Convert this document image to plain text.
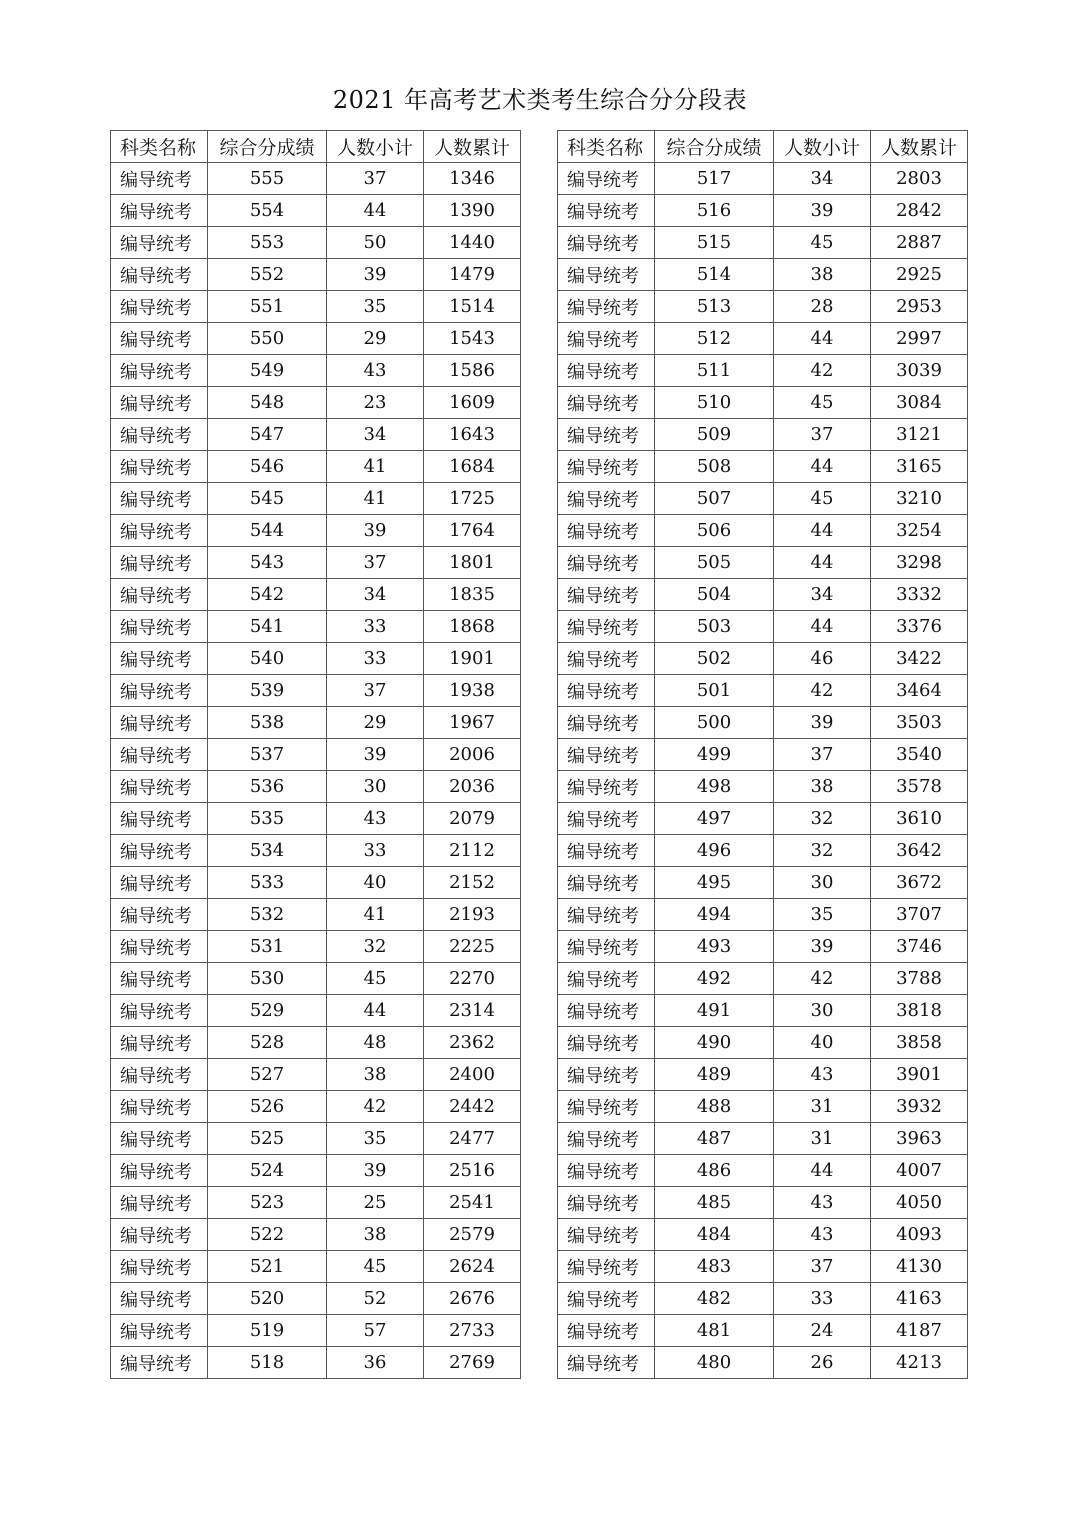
2021 年高考艺术类考生综合分分段表
科类名称	综合分成绩	人数小计	人数累计
编导统考	555	37	1346
编导统考	554	44	1390
编导统考	553	50	1440
编导统考	552	39	1479
编导统考	551	35	1514
编导统考	550	29	1543
编导统考	549	43	1586
编导统考	548	23	1609
编导统考	547	34	1643
编导统考	546	41	1684
编导统考	545	41	1725
编导统考	544	39	1764
编导统考	543	37	1801
编导统考	542	34	1835
编导统考	541	33	1868
编导统考	540	33	1901
编导统考	539	37	1938
编导统考	538	29	1967
编导统考	537	39	2006
编导统考	536	30	2036
编导统考	535	43	2079
编导统考	534	33	2112
编导统考	533	40	2152
编导统考	532	41	2193
编导统考	531	32	2225
编导统考	530	45	2270
编导统考	529	44	2314
编导统考	528	48	2362
编导统考	527	38	2400
编导统考	526	42	2442
编导统考	525	35	2477
编导统考	524	39	2516
编导统考	523	25	2541
编导统考	522	38	2579
编导统考	521	45	2624
编导统考	520	52	2676
编导统考	519	57	2733
编导统考	518	36	2769
科类名称	综合分成绩	人数小计	人数累计
编导统考	517	34	2803
编导统考	516	39	2842
编导统考	515	45	2887
编导统考	514	38	2925
编导统考	513	28	2953
编导统考	512	44	2997
编导统考	511	42	3039
编导统考	510	45	3084
编导统考	509	37	3121
编导统考	508	44	3165
编导统考	507	45	3210
编导统考	506	44	3254
编导统考	505	44	3298
编导统考	504	34	3332
编导统考	503	44	3376
编导统考	502	46	3422
编导统考	501	42	3464
编导统考	500	39	3503
编导统考	499	37	3540
编导统考	498	38	3578
编导统考	497	32	3610
编导统考	496	32	3642
编导统考	495	30	3672
编导统考	494	35	3707
编导统考	493	39	3746
编导统考	492	42	3788
编导统考	491	30	3818
编导统考	490	40	3858
编导统考	489	43	3901
编导统考	488	31	3932
编导统考	487	31	3963
编导统考	486	44	4007
编导统考	485	43	4050
编导统考	484	43	4093
编导统考	483	37	4130
编导统考	482	33	4163
编导统考	481	24	4187
编导统考	480	26	4213
